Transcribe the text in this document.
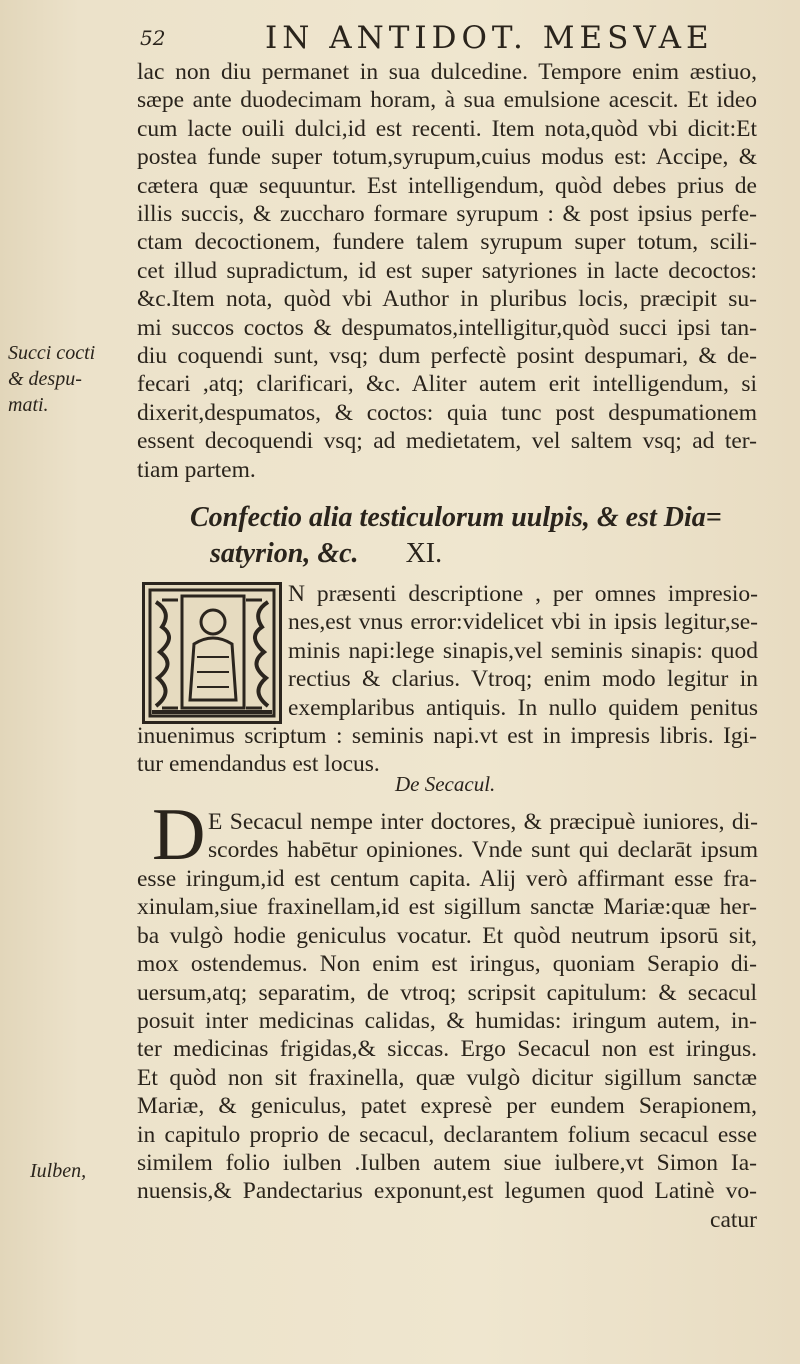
52	IN ANTIDOT. MESVAE
lac non diu permanet in sua dulcedine. Tempore enim æstiuo,
sæpe ante duodecimam horam, à sua emulsione acescit. Et ideo
cum lacte ouili dulci,id est recenti. Item nota,quòd vbi dicit:Et
postea funde super totum,syrupum,cuius modus est: Accipe, &
cætera quæ sequuntur. Est intelligendum, quòd debes prius de
illis succis, & zuccharo formare syrupum : & post ipsius perfe-
ctam decoctionem, fundere talem syrupum super totum, scili-
cet illud supradictum, id est super satyriones in lacte decoctos:
&c.Item nota, quòd vbi Author in pluribus locis, præcipit su-
mi succos coctos & despumatos,intelligitur,quòd succi ipsi tan-
diu coquendi sunt, vsq; dum perfectè posint despumari, & de-
fecari ,atq; clarificari, &c. Aliter autem erit intelligendum, si
dixerit,despumatos, & coctos: quia tunc post despumationem
essent decoquendi vsq; ad medietatem, vel saltem vsq; ad ter-
tiam partem.
Succi cocti
& despu-
mati.
Confectio alia testiculorum uulpis, & est Dia=
satyrion, &c. XI.
N præsenti descriptione , per omnes impresio-
nes,est vnus error:videlicet vbi in ipsis legitur,se-
minis napi:lege sinapis,vel seminis sinapis: quod
rectius & clarius. Vtroq; enim modo legitur in
exemplaribus antiquis. In nullo quidem penitus
inuenimus scriptum : seminis napi.vt est in impresis libris. Igi-
tur emendandus est locus.
De Secacul.
D E Secacul nempe inter doctores, & præcipuè iuniores, di-
scordes habētur opiniones. Vnde sunt qui declarāt ipsum
esse iringum,id est centum capita. Alij verò affirmant esse fra-
xinulam,siue fraxinellam,id est sigillum sanctæ Mariæ:quæ her-
ba vulgò hodie geniculus vocatur. Et quòd neutrum ipsorū sit,
mox ostendemus. Non enim est iringus, quoniam Serapio di-
uersum,atq; separatim, de vtroq; scripsit capitulum: & secacul
posuit inter medicinas calidas, & humidas: iringum autem, in-
ter medicinas frigidas,& siccas. Ergo Secacul non est iringus.
Et quòd non sit fraxinella, quæ vulgò dicitur sigillum sanctæ
Mariæ, & geniculus, patet expresè per eundem Serapionem,
in capitulo proprio de secacul, declarantem folium secacul esse
similem folio iulben .Iulben autem siue iulbere,vt Simon Ia-
nuensis,& Pandectarius exponunt,est legumen quod Latinè vo-
catur
Iulben,
